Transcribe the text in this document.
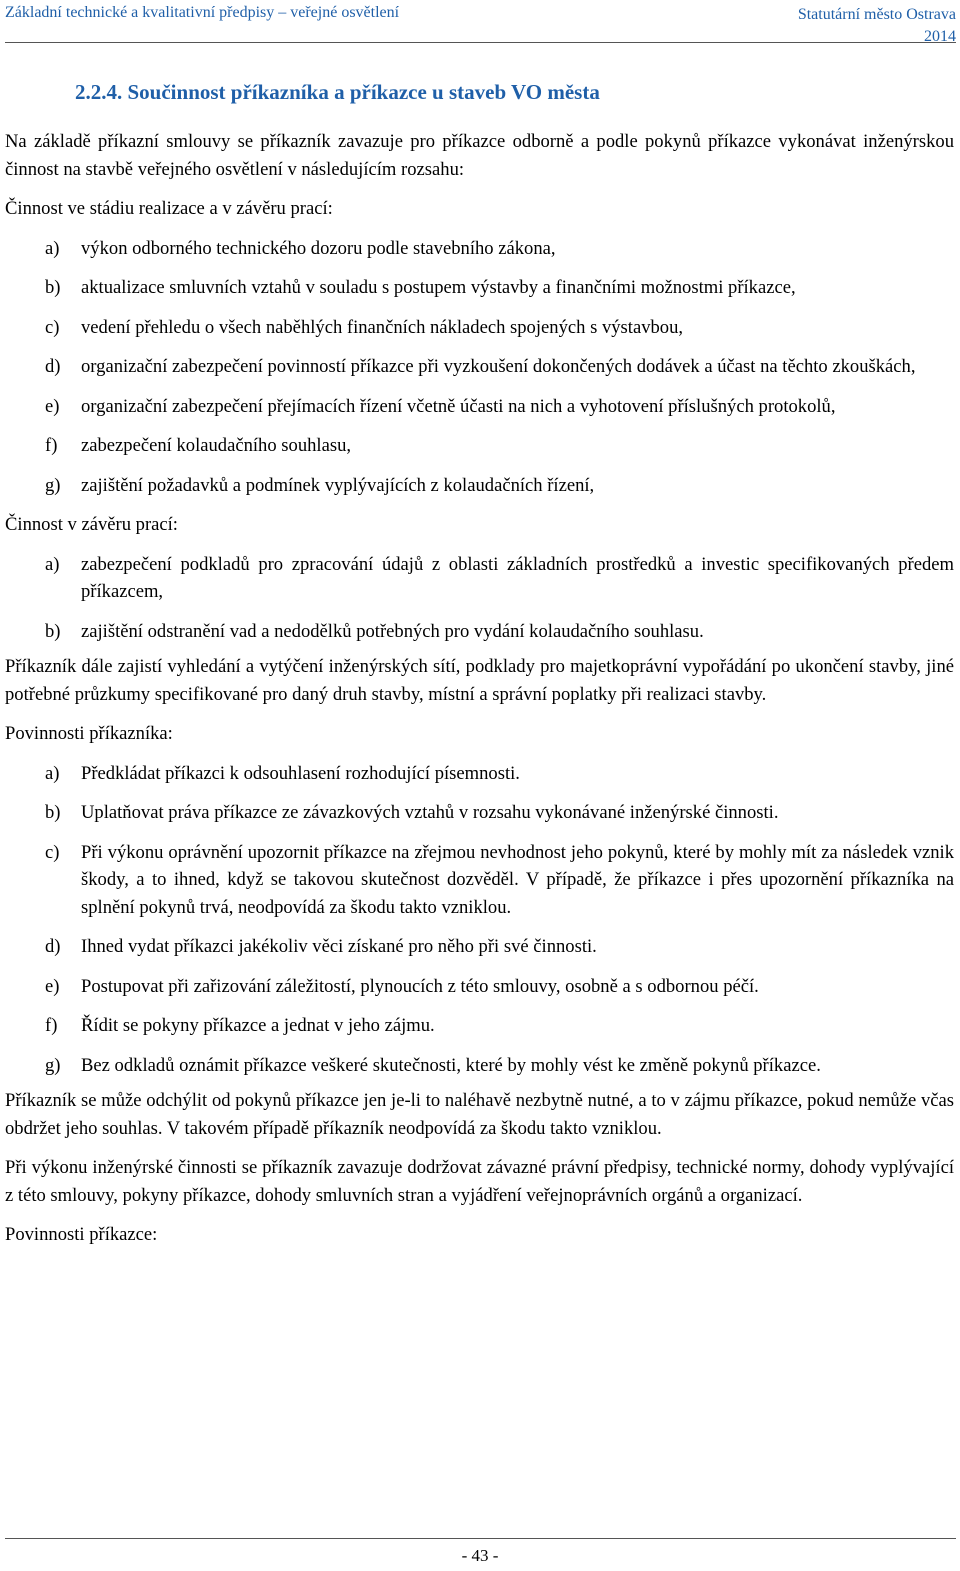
Základní technické a kvalitativní předpisy – veřejné osvětlení	Statutární město Ostrava
2014
2.2.4. Součinnost příkazníka a příkazce u staveb VO města

Na základě příkazní smlouvy se příkazník zavazuje pro příkazce odborně a podle pokynů příkazce vykonávat inženýrskou činnost na stavbě veřejného osvětlení v následujícím rozsahu:

Činnost ve stádiu realizace a v závěru prací:

a)	výkon odborného technického dozoru podle stavebního zákona,
b)	aktualizace smluvních vztahů v souladu s postupem výstavby a finančními možnostmi příkazce,
c)	vedení přehledu o všech naběhlých finančních nákladech spojených s výstavbou,
d)	organizační zabezpečení povinností příkazce při vyzkoušení dokončených dodávek a účast na těchto zkouškách,
e)	organizační zabezpečení přejímacích řízení včetně účasti na nich a vyhotovení příslušných protokolů,
f)	zabezpečení kolaudačního souhlasu,
g)	zajištění požadavků a podmínek vyplývajících z kolaudačních řízení,

Činnost v závěru prací:

a)	zabezpečení podkladů pro zpracování údajů z oblasti základních prostředků a investic specifikovaných předem příkazcem,
b)	zajištění odstranění vad a nedodělků potřebných pro vydání kolaudačního souhlasu.

Příkazník dále zajistí vyhledání a vytýčení inženýrských sítí, podklady pro majetkoprávní vypořádání po ukončení stavby, jiné potřebné průzkumy specifikované pro daný druh stavby, místní a správní poplatky při realizaci stavby.

Povinnosti příkazníka:

a)	Předkládat příkazci k odsouhlasení rozhodující písemnosti.
b)	Uplatňovat práva příkazce ze závazkových vztahů v rozsahu vykonávané inženýrské činnosti.
c)	Při výkonu oprávnění upozornit příkazce na zřejmou nevhodnost jeho pokynů, které by mohly mít za následek vznik škody, a to ihned, když se takovou skutečnost dozvěděl. V případě, že příkazce i přes upozornění příkazníka na splnění pokynů trvá, neodpovídá za škodu takto vzniklou.
d)	Ihned vydat příkazci jakékoliv věci získané pro něho při své činnosti.
e)	Postupovat při zařizování záležitostí, plynoucích z této smlouvy, osobně a s odbornou péčí.
f)	Řídit se pokyny příkazce a jednat v jeho zájmu.
g)	Bez odkladů oznámit příkazce veškeré skutečnosti, které by mohly vést ke změně pokynů příkazce.

Příkazník se může odchýlit od pokynů příkazce jen je-li to naléhavě nezbytně nutné, a to v zájmu příkazce, pokud nemůže včas obdržet jeho souhlas. V takovém případě příkazník neodpovídá za škodu takto vzniklou.

Při výkonu inženýrské činnosti se příkazník zavazuje dodržovat závazné právní předpisy, technické normy, dohody vyplývající z této smlouvy, pokyny příkazce, dohody smluvních stran a vyjádření veřejnoprávních orgánů a organizací.

Povinnosti příkazce:

- 43 -
